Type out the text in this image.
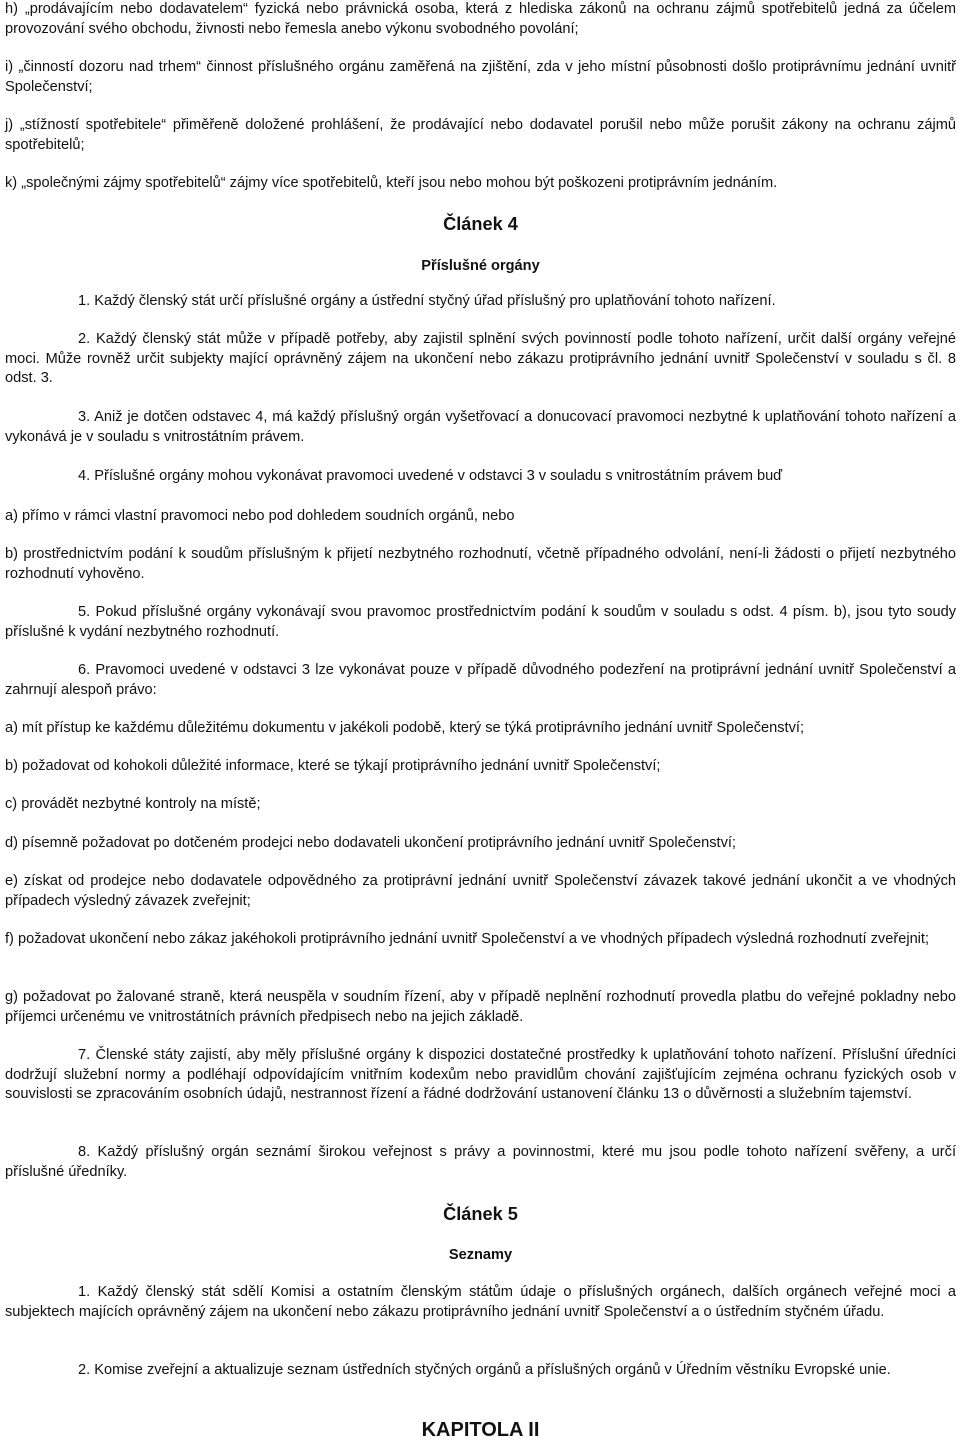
h) „prodávajícím nebo dodavatelem“ fyzická nebo právnická osoba, která z hlediska zákonů na ochranu zájmů spotřebitelů jedná za účelem provozování svého obchodu, živnosti nebo řemesla anebo výkonu svobodného povolání;

i) „činností dozoru nad trhem“ činnost příslušného orgánu zaměřená na zjištění, zda v jeho místní působnosti došlo protiprávnímu jednání uvnitř Společenství;

j) „stížností spotřebitele“ přiměřeně doložené prohlášení, že prodávající nebo dodavatel porušil nebo může porušit zákony na ochranu zájmů spotřebitelů;

k) „společnými zájmy spotřebitelů“ zájmy více spotřebitelů, kteří jsou nebo mohou být poškozeni protiprávním jednáním.

Článek 4
Příslušné orgány

1. Každý členský stát určí příslušné orgány a ústřední styčný úřad příslušný pro uplatňování tohoto nařízení.

2. Každý členský stát může v případě potřeby, aby zajistil splnění svých povinností podle tohoto nařízení, určit další orgány veřejné moci. Může rovněž určit subjekty mající oprávněný zájem na ukončení nebo zákazu protiprávního jednání uvnitř Společenství v souladu s čl. 8 odst. 3.

3. Aniž je dotčen odstavec 4, má každý příslušný orgán vyšetřovací a donucovací pravomoci nezbytné k uplatňování tohoto nařízení a vykonává je v souladu s vnitrostátním právem.

4. Příslušné orgány mohou vykonávat pravomoci uvedené v odstavci 3 v souladu s vnitrostátním právem buď

a) přímo v rámci vlastní pravomoci nebo pod dohledem soudních orgánů, nebo

b) prostřednictvím podání k soudům příslušným k přijetí nezbytného rozhodnutí, včetně případného odvolání, není-li žádosti o přijetí nezbytného rozhodnutí vyhověno.

5. Pokud příslušné orgány vykonávají svou pravomoc prostřednictvím podání k soudům v souladu s odst. 4 písm. b), jsou tyto soudy příslušné k vydání nezbytného rozhodnutí.

6. Pravomoci uvedené v odstavci 3 lze vykonávat pouze v případě důvodného podezření na protiprávní jednání uvnitř Společenství a zahrnují alespoň právo:

a) mít přístup ke každému důležitému dokumentu v jakékoli podobě, který se týká protiprávního jednání uvnitř Společenství;

b) požadovat od kohokoli důležité informace, které se týkají protiprávního jednání uvnitř Společenství;

c) provádět nezbytné kontroly na místě;

d) písemně požadovat po dotčeném prodejci nebo dodavateli ukončení protiprávního jednání uvnitř Společenství;

e) získat od prodejce nebo dodavatele odpovědného za protiprávní jednání uvnitř Společenství závazek takové jednání ukončit a ve vhodných případech výsledný závazek zveřejnit;

f) požadovat ukončení nebo zákaz jakéhokoli protiprávního jednání uvnitř Společenství a ve vhodných případech výsledná rozhodnutí zveřejnit;

g) požadovat po žalované straně, která neuspěla v soudním řízení, aby v případě neplnění rozhodnutí provedla platbu do veřejné pokladny nebo příjemci určenému ve vnitrostátních právních předpisech nebo na jejich základě.

7. Členské státy zajistí, aby měly příslušné orgány k dispozici dostatečné prostředky k uplatňování tohoto nařízení. Příslušní úředníci dodržují služební normy a podléhají odpovídajícím vnitřním kodexům nebo pravidlům chování zajišťujícím zejména ochranu fyzických osob v souvislosti se zpracováním osobních údajů, nestrannost řízení a řádné dodržování ustanovení článku 13 o důvěrnosti a služebním tajemství.

8. Každý příslušný orgán seznámí širokou veřejnost s právy a povinnostmi, které mu jsou podle tohoto nařízení svěřeny, a určí příslušné úředníky.

Článek 5
Seznamy

1. Každý členský stát sdělí Komisi a ostatním členským státům údaje o příslušných orgánech, dalších orgánech veřejné moci a subjektech majících oprávněný zájem na ukončení nebo zákazu protiprávního jednání uvnitř Společenství a o ústředním styčném úřadu.

2. Komise zveřejní a aktualizuje seznam ústředních styčných orgánů a příslušných orgánů v Úředním věstníku Evropské unie.

KAPITOLA II
